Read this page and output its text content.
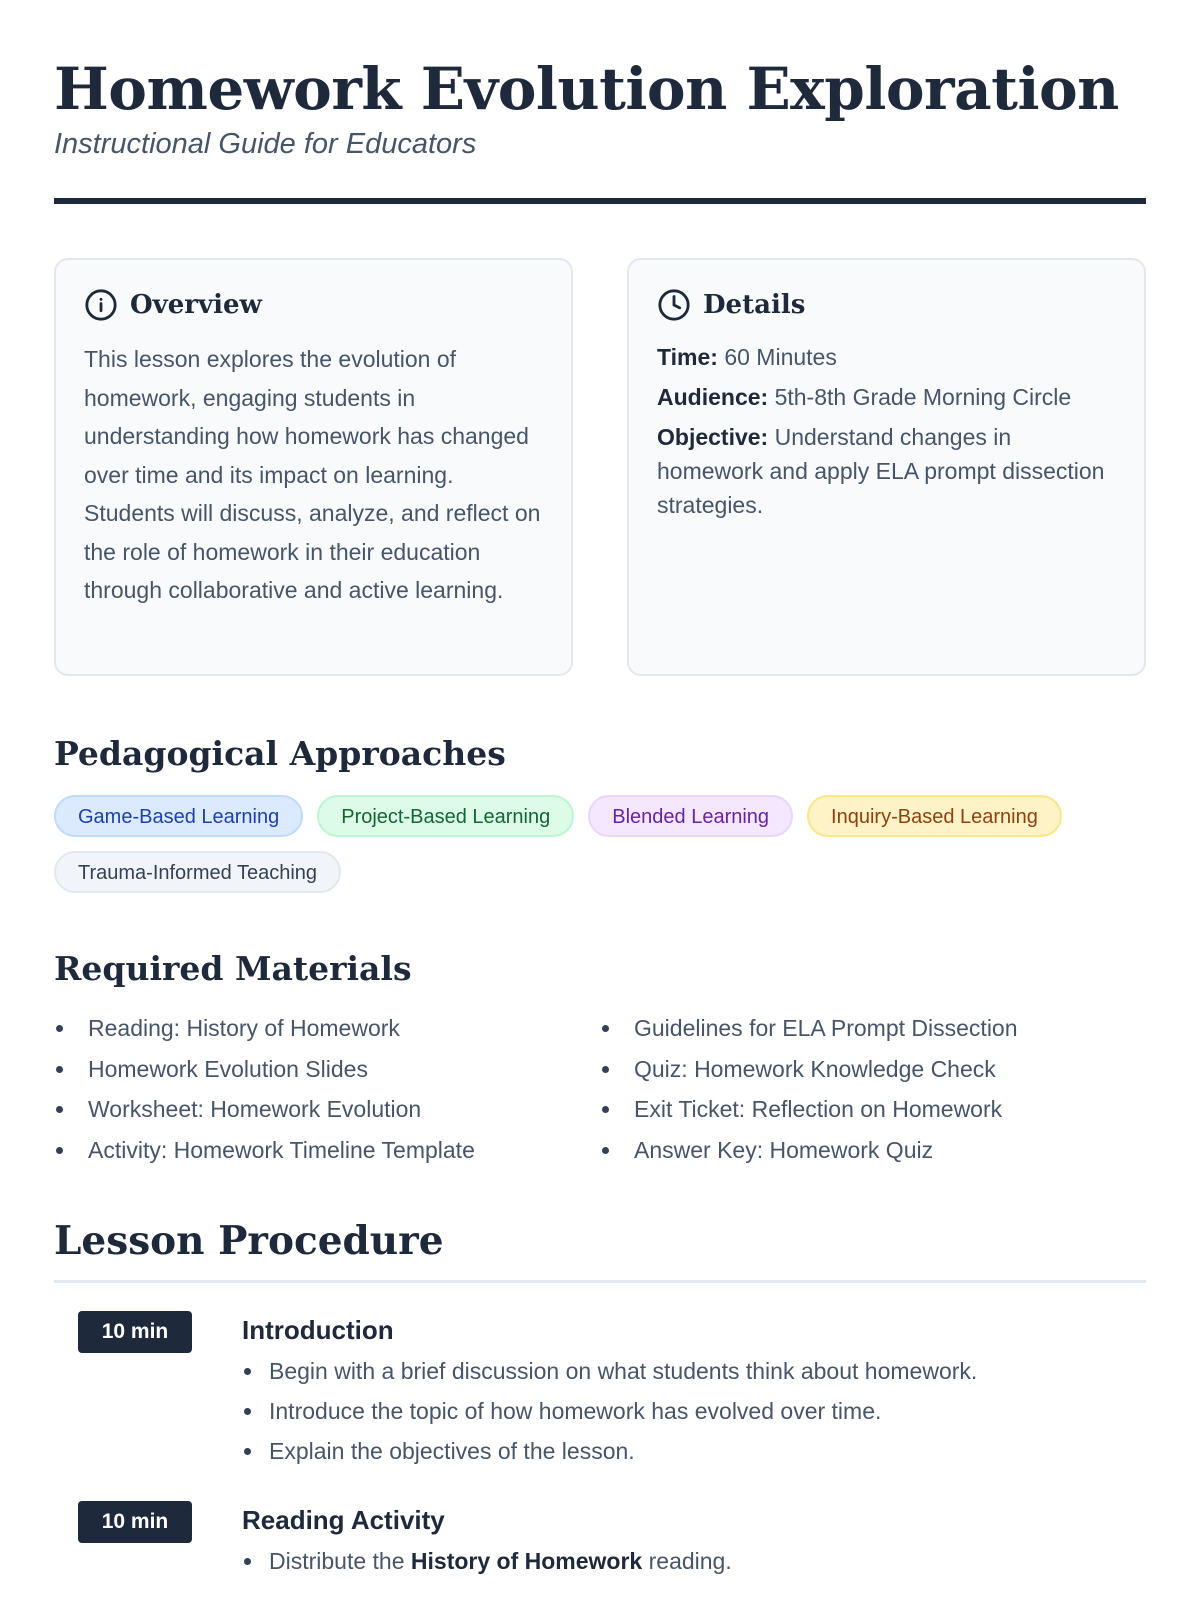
Homework Evolution Exploration
Instructional Guide for Educators
Overview
This lesson explores the evolution of homework, engaging students in understanding how homework has changed over time and its impact on learning. Students will discuss, analyze, and reflect on the role of homework in their education through collaborative and active learning.
Details
Time: 60 Minutes
Audience: 5th-8th Grade Morning Circle
Objective: Understand changes in homework and apply ELA prompt dissection strategies.
Pedagogical Approaches
Game-Based Learning	Project-Based Learning	Blended Learning	Inquiry-Based Learning
Trauma-Informed Teaching
Required Materials
Reading: History of Homework
Homework Evolution Slides
Worksheet: Homework Evolution
Activity: Homework Timeline Template
Guidelines for ELA Prompt Dissection
Quiz: Homework Knowledge Check
Exit Ticket: Reflection on Homework
Answer Key: Homework Quiz
Lesson Procedure
10 min	Introduction
Begin with a brief discussion on what students think about homework.
Introduce the topic of how homework has evolved over time.
Explain the objectives of the lesson.
10 min	Reading Activity
Distribute the History of Homework reading.
